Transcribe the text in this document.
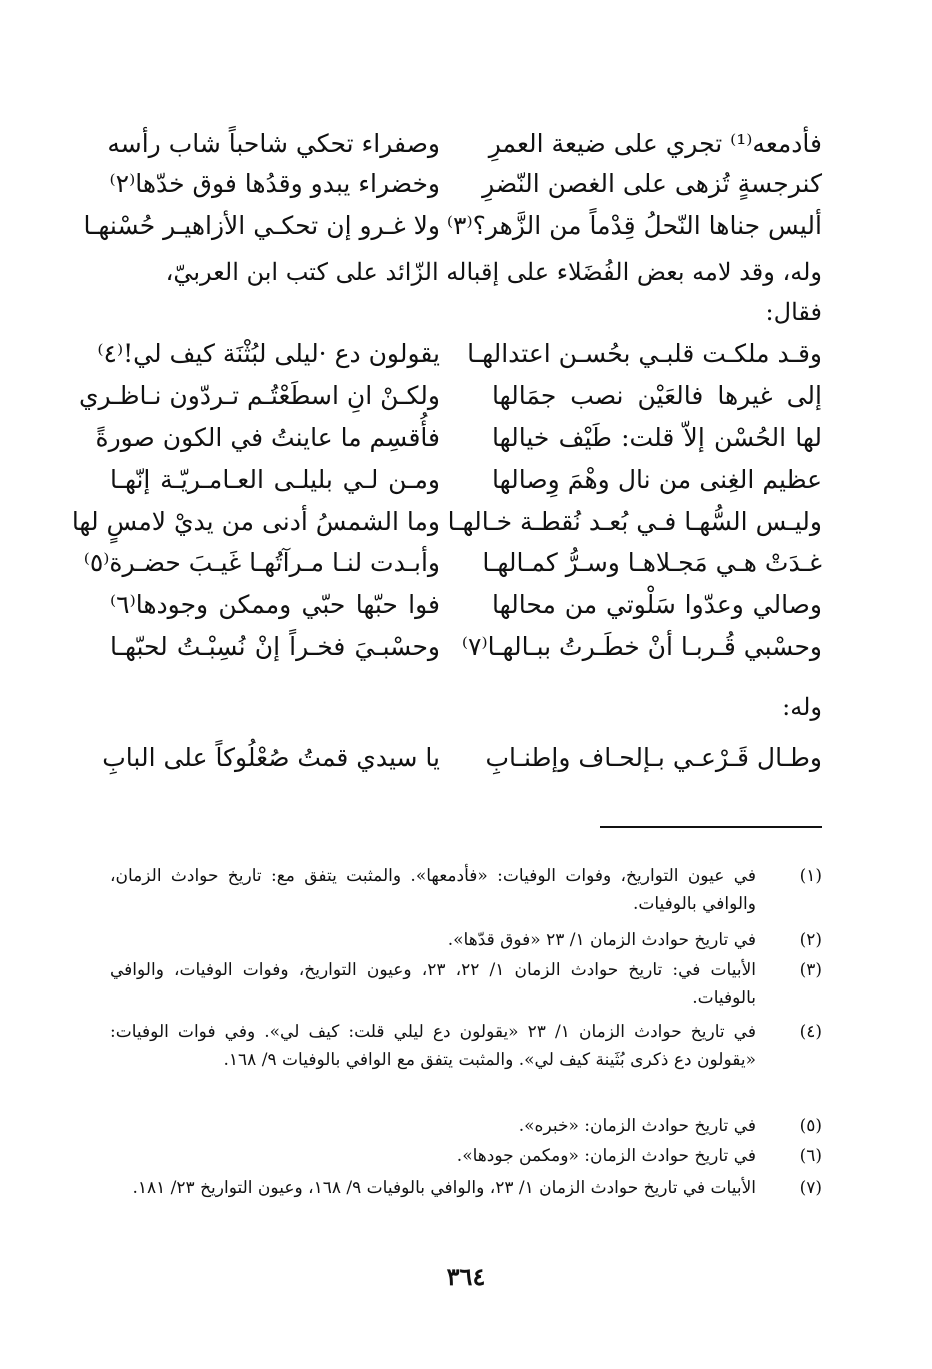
وصفراء تحكي شاحباً شاب رأسه فأدمعه⁽¹⁾ تجري على ضيعة العمرِ
وخضراء يبدو وقدُها فوق خدّها⁽٢⁾ كنرجسةٍ تُزهى على الغصن النّضرِ
ولا غـرو إن تحكـي الأزاهيـر حُسْنهـا أليس جناها النّحلُ قِدْماً من الزَّهر؟⁽٣⁾
وله، وقد لامه بعض الفُضَلاء على إقباله الزّائد على كتب ابن العربيّ،
فقال:
يقولون دع ·ليلى لبُثْنَة كيف لي!⁽٤⁾ وقـد ملكـت قلبـي بحُسـن اعتدالهـا
ولكـنْ انِ اسطَعْتُـم تـردّون نـاظـري إلى غيرها فالعَيْن نصب جمَالها
فأُقسِم ما عاينتُ في الكون صورةً لها الحُسْن إلاّ قلت: طَيْف خيالها
ومـن لـي بليلـى العـامـريّـة إنّهـا عظيم الغِنى من نال وهْمَ وِصالها
وما الشمسُ أدنى من يديْ لامسٍ لها وليـس السُّهـا فـي بُعـد نُقطـة خـالهـا
وأبـدت لنـا مـرآتُهـا غَيـبَ حضـرة⁽٥⁾ غـدَتْ هـي مَجـلاهـا وسـرُّ كمـالهـا
فوا حبّها حبّي وممكن وجودها⁽٦⁾ وصالي وعدّوا سَلْوتي من محالها
وحسْبـيَ فخـراً إنْ نُسِبْـتُ لحبّهـا وحسْبي قُـربـا أنْ خطَـرتُ ببـالهـا⁽٧⁾
وله:
يا سيدي قمتُ صُعْلُوكاً على البابِ وطـال قَـرْعـي بـإلحـاف وإطنـابِ
(١)
في عيون التواريخ، وفوات الوفيات: «فأدمعها». والمثبت يتفق مع: تاريخ حوادث الزمان، والوافي بالوفيات.
(٢)
في تاريخ حوادث الزمان ١/ ٢٣ «فوق قدّها».
(٣)
الأبيات في: تاريخ حوادث الزمان ١/ ٢٢، ٢٣، وعيون التواريخ، وفوات الوفيات، والوافي بالوفيات.
(٤)
في تاريخ حوادث الزمان ١/ ٢٣ «يقولون دع ليلي قلت: كيف لي». وفي فوات الوفيات: «يقولون دع ذكرى بُثَينة كيف لي». والمثبت يتفق مع الوافي بالوفيات ٩/ ١٦٨.
(٥)
في تاريخ حوادث الزمان: «خبره».
(٦)
في تاريخ حوادث الزمان: «ومكمن جودها».
(٧)
الأبيات في تاريخ حوادث الزمان ١/ ٢٣، والوافي بالوفيات ٩/ ١٦٨، وعيون التواريخ ٢٣/ ١٨١.
٣٦٤
